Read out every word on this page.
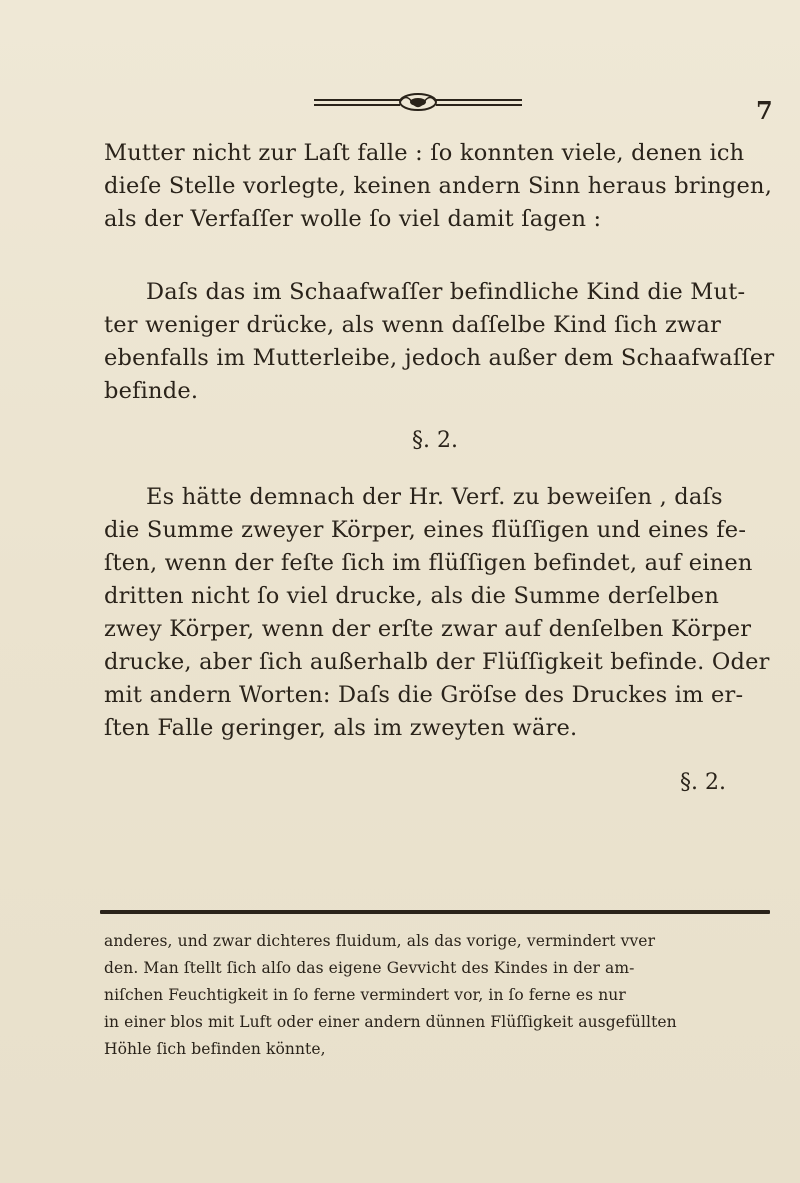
7

Mutter nicht zur Laſt falle : ſo konnten viele, denen ich

dieſe Stelle vorlegte, keinen andern Sinn heraus bringen,

als der Verfaſſer wolle ſo viel damit ſagen :

Daſs das im Schaafwaſſer befindliche Kind die Mut-

ter weniger drücke, als wenn daſſelbe Kind ſich zwar

ebenfalls im Mutterleibe, jedoch außer dem Schaafwaſſer

befinde.

§. 2.

Es hätte demnach der Hr. Verf. zu beweiſen , daſs

die Summe zweyer Körper, eines flüſſigen und eines fe-

ſten, wenn der feſte ſich im flüſſigen befindet, auf einen

dritten nicht ſo viel drucke, als die Summe derſelben

zwey Körper, wenn der erſte zwar auf denſelben Körper

drucke, aber ſich außerhalb der Flüſſigkeit befinde. Oder

mit andern Worten: Daſs die Gröſse des Druckes im er-

ſten Falle geringer, als im zweyten wäre.

§. 2.

anderes, und zwar dichteres fluidum, als das vorige, vermindert vver

den. Man ſtellt ſich alſo das eigene Gevvicht des Kindes in der am-

niſchen Feuchtigkeit in ſo ferne vermindert vor, in ſo ferne es nur

in einer blos mit Luft oder einer andern dünnen Flüſſigkeit ausgefüllten

Höhle ſich befinden könnte,
